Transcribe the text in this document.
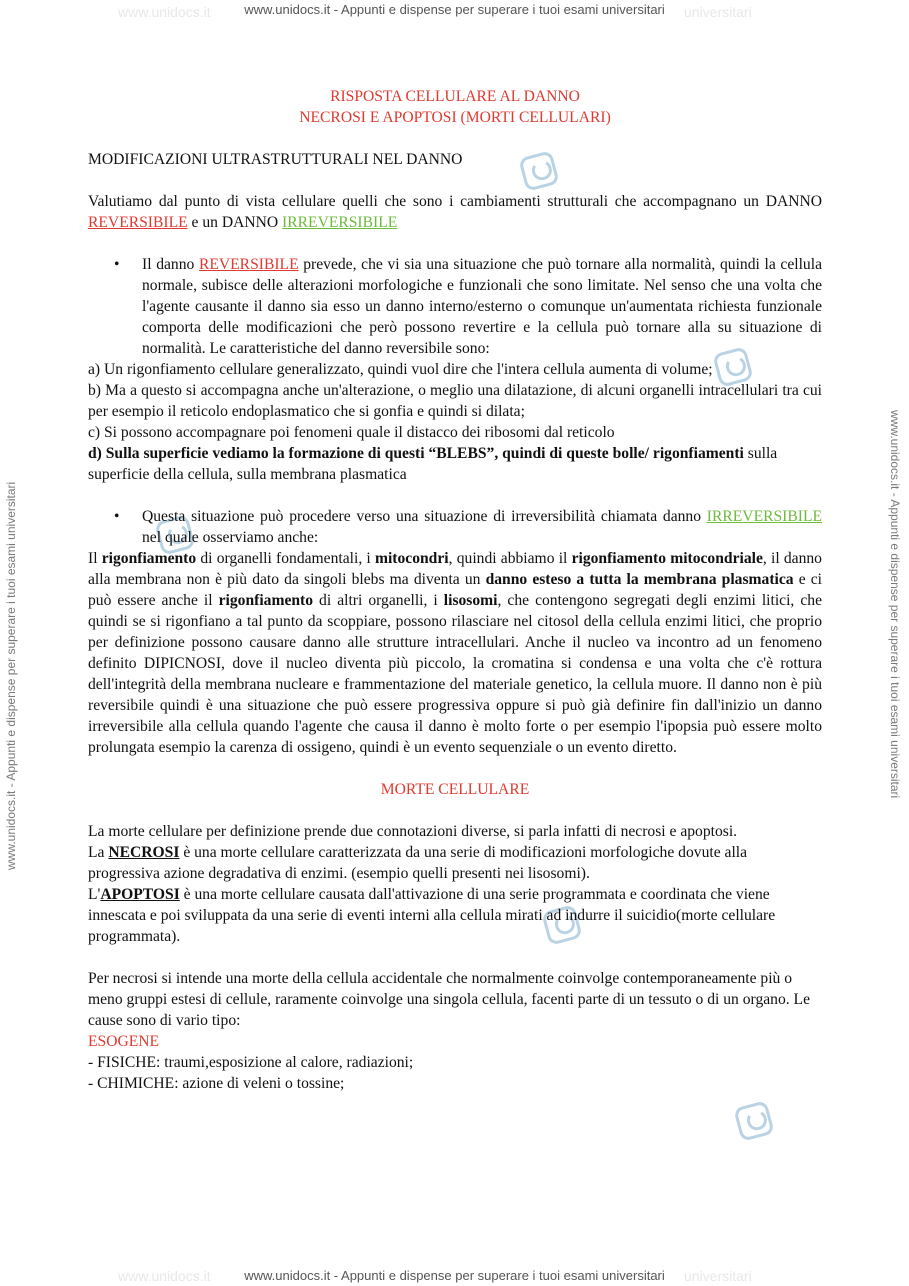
www.unidocs.it	universitari
www.unidocs.it - Appunti e dispense per superare i tuoi esami universitari
www.unidocs.it	universitari
www.unidocs.it - Appunti e dispense per superare i tuoi esami universitari
www.unidocs.it - Appunti e dispense per superare i tuoi esami universitari	www.unidocs.it - Appunti e dispense per superare i tuoi esami universitari
RISPOSTA CELLULARE AL DANNO
NECROSI E APOPTOSI (MORTI CELLULARI)

MODIFICAZIONI ULTRASTRUTTURALI NEL DANNO

Valutiamo dal punto di vista cellulare quelli che sono i cambiamenti strutturali che accompagnano un DANNO REVERSIBILE e un DANNO IRREVERSIBILE

• Il danno REVERSIBILE prevede, che vi sia una situazione che può tornare alla normalità, quindi la cellula normale, subisce delle alterazioni morfologiche e funzionali che sono limitate. Nel senso che una volta che l'agente causante il danno sia esso un danno interno/esterno o comunque un'aumentata richiesta funzionale comporta delle modificazioni che però possono revertire e la cellula può tornare alla su situazione di normalità. Le caratteristiche del danno reversibile sono:

a) Un rigonfiamento cellulare generalizzato, quindi vuol dire che l'intera cellula aumenta di volume;

b) Ma a questo si accompagna anche un'alterazione, o meglio una dilatazione, di alcuni organelli intracellulari tra cui per esempio il reticolo endoplasmatico che si gonfia e quindi si dilata;

c) Si possono accompagnare poi fenomeni quale il distacco dei ribosomi dal reticolo

d) Sulla superficie vediamo la formazione di questi “BLEBS”, quindi di queste bolle/ rigonfiamenti sulla superficie della cellula, sulla membrana plasmatica

• Questa situazione può procedere verso una situazione di irreversibilità chiamata danno IRREVERSIBILE nel quale osserviamo anche:

Il rigonfiamento di organelli fondamentali, i mitocondri, quindi abbiamo il rigonfiamento mitocondriale, il danno alla membrana non è più dato da singoli blebs ma diventa un danno esteso a tutta la membrana plasmatica e ci può essere anche il rigonfiamento di altri organelli, i lisosomi, che contengono segregati degli enzimi litici, che quindi se si rigonfiano a tal punto da scoppiare, possono rilasciare nel citosol della cellula enzimi litici, che proprio per definizione possono causare danno alle strutture intracellulari. Anche il nucleo va incontro ad un fenomeno definito DIPICNOSI, dove il nucleo diventa più piccolo, la cromatina si condensa e una volta che c'è rottura dell'integrità della membrana nucleare e frammentazione del materiale genetico, la cellula muore. Il danno non è più reversibile quindi è una situazione che può essere progressiva oppure si può già definire fin dall'inizio un danno irreversibile alla cellula quando l'agente che causa il danno è molto forte o per esempio l'ipopsia può essere molto prolungata esempio la carenza di ossigeno, quindi è un evento sequenziale o un evento diretto.

MORTE CELLULARE

La morte cellulare per definizione prende due connotazioni diverse, si parla infatti di necrosi e apoptosi.

La NECROSI è una morte cellulare caratterizzata da una serie di modificazioni morfologiche dovute alla progressiva azione degradativa di enzimi. (esempio quelli presenti nei lisosomi).

L'APOPTOSI è una morte cellulare causata dall'attivazione di una serie programmata e coordinata che viene innescata e poi sviluppata da una serie di eventi interni alla cellula mirati ad indurre il suicidio(morte cellulare programmata).

Per necrosi si intende una morte della cellula accidentale che normalmente coinvolge contemporaneamente più o meno gruppi estesi di cellule, raramente coinvolge una singola cellula, facenti parte di un tessuto o di un organo. Le cause sono di vario tipo:

ESOGENE

- FISICHE: traumi,esposizione al calore, radiazioni;

- CHIMICHE: azione di veleni o tossine;
